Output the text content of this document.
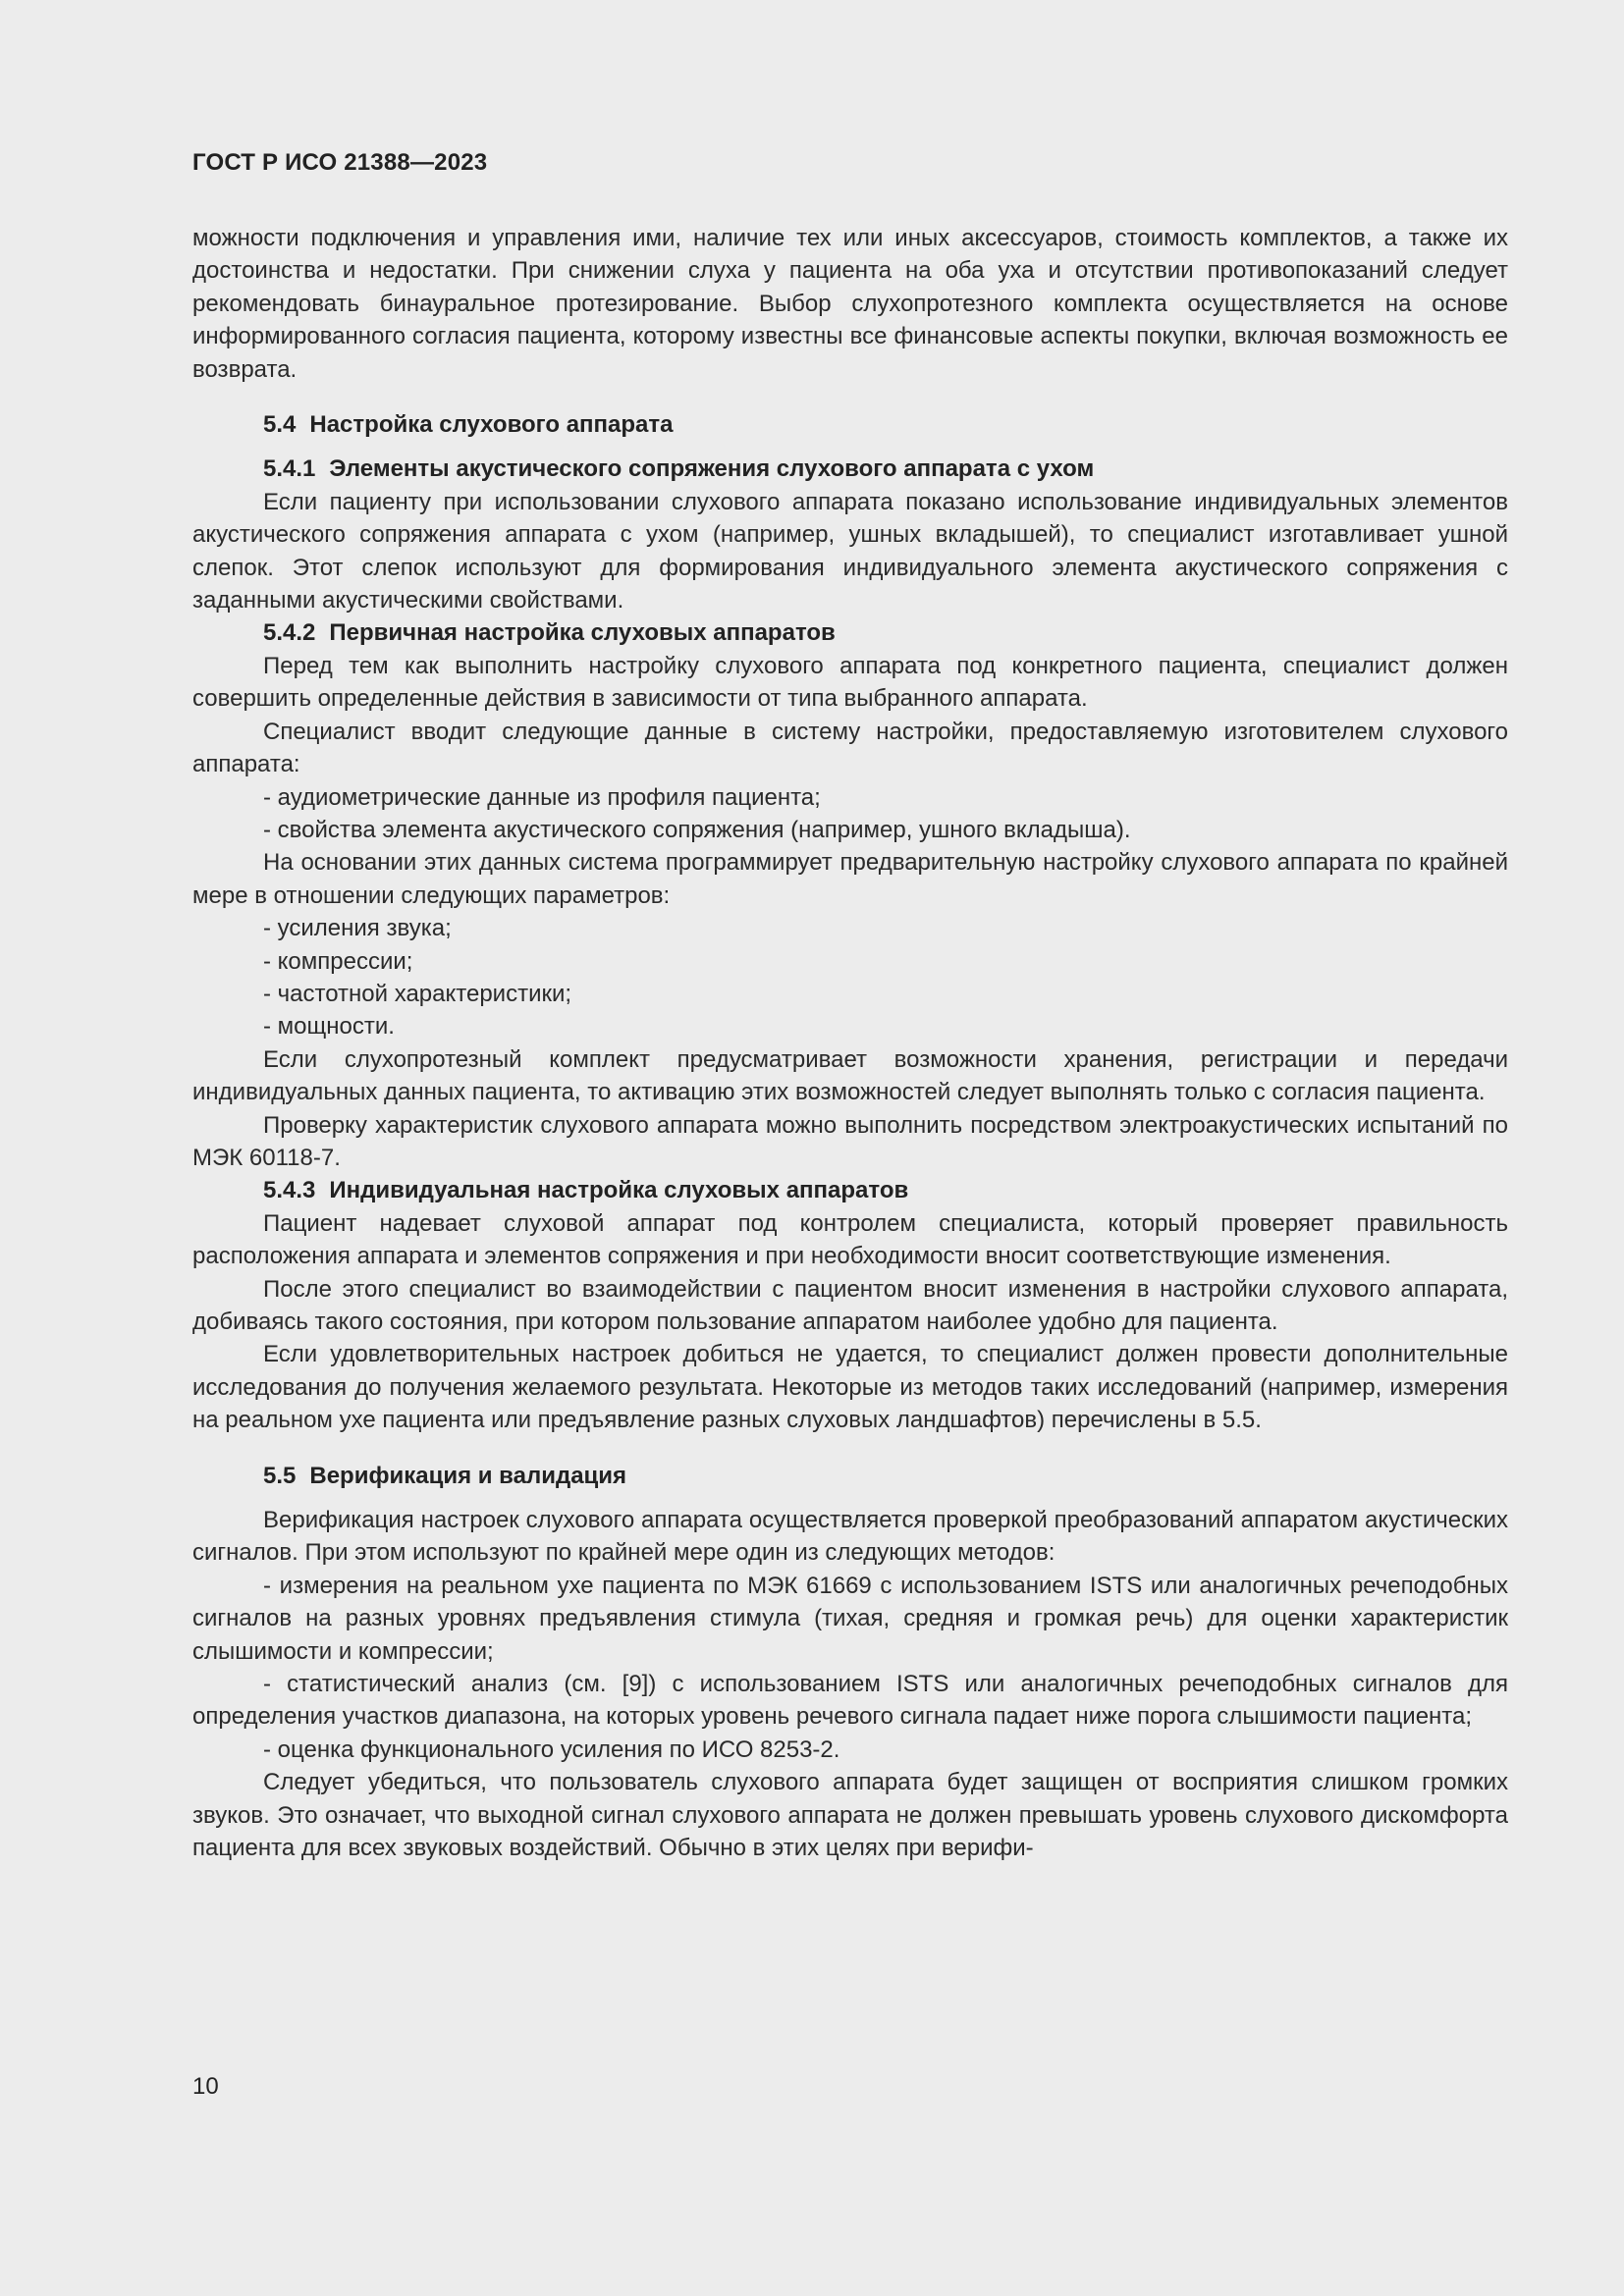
ГОСТ Р ИСО 21388—2023

можности подключения и управления ими, наличие тех или иных аксессуаров, стоимость комплектов, а также их достоинства и недостатки. При снижении слуха у пациента на оба уха и отсутствии противопоказаний следует рекомендовать бинауральное протезирование. Выбор слухопротезного комплекта осуществляется на основе информированного согласия пациента, которому известны все финансовые аспекты покупки, включая возможность ее возврата.

5.4 Настройка слухового аппарата
5.4.1 Элементы акустического сопряжения слухового аппарата с ухом

Если пациенту при использовании слухового аппарата показано использование индивидуальных элементов акустического сопряжения аппарата с ухом (например, ушных вкладышей), то специалист изготавливает ушной слепок. Этот слепок используют для формирования индивидуального элемента акустического сопряжения с заданными акустическими свойствами.

5.4.2 Первичная настройка слуховых аппаратов

Перед тем как выполнить настройку слухового аппарата под конкретного пациента, специалист должен совершить определенные действия в зависимости от типа выбранного аппарата.

Специалист вводит следующие данные в систему настройки, предоставляемую изготовителем слухового аппарата:

- аудиометрические данные из профиля пациента;

- свойства элемента акустического сопряжения (например, ушного вкладыша).

На основании этих данных система программирует предварительную настройку слухового аппарата по крайней мере в отношении следующих параметров:

- усиления звука;

- компрессии;

- частотной характеристики;

- мощности.

Если слухопротезный комплект предусматривает возможности хранения, регистрации и передачи индивидуальных данных пациента, то активацию этих возможностей следует выполнять только с согласия пациента.

Проверку характеристик слухового аппарата можно выполнить посредством электроакустических испытаний по МЭК 60118-7.

5.4.3 Индивидуальная настройка слуховых аппаратов

Пациент надевает слуховой аппарат под контролем специалиста, который проверяет правильность расположения аппарата и элементов сопряжения и при необходимости вносит соответствующие изменения.

После этого специалист во взаимодействии с пациентом вносит изменения в настройки слухового аппарата, добиваясь такого состояния, при котором пользование аппаратом наиболее удобно для пациента.

Если удовлетворительных настроек добиться не удается, то специалист должен провести дополнительные исследования до получения желаемого результата. Некоторые из методов таких исследований (например, измерения на реальном ухе пациента или предъявление разных слуховых ландшафтов) перечислены в 5.5.

5.5 Верификация и валидация

Верификация настроек слухового аппарата осуществляется проверкой преобразований аппаратом акустических сигналов. При этом используют по крайней мере один из следующих методов:

- измерения на реальном ухе пациента по МЭК 61669 с использованием ISTS или аналогичных речеподобных сигналов на разных уровнях предъявления стимула (тихая, средняя и громкая речь) для оценки характеристик слышимости и компрессии;

- статистический анализ (см. [9]) с использованием ISTS или аналогичных речеподобных сигналов для определения участков диапазона, на которых уровень речевого сигнала падает ниже порога слышимости пациента;

- оценка функционального усиления по ИСО 8253-2.

Следует убедиться, что пользователь слухового аппарата будет защищен от восприятия слишком громких звуков. Это означает, что выходной сигнал слухового аппарата не должен превышать уровень слухового дискомфорта пациента для всех звуковых воздействий. Обычно в этих целях при верифи-

10
